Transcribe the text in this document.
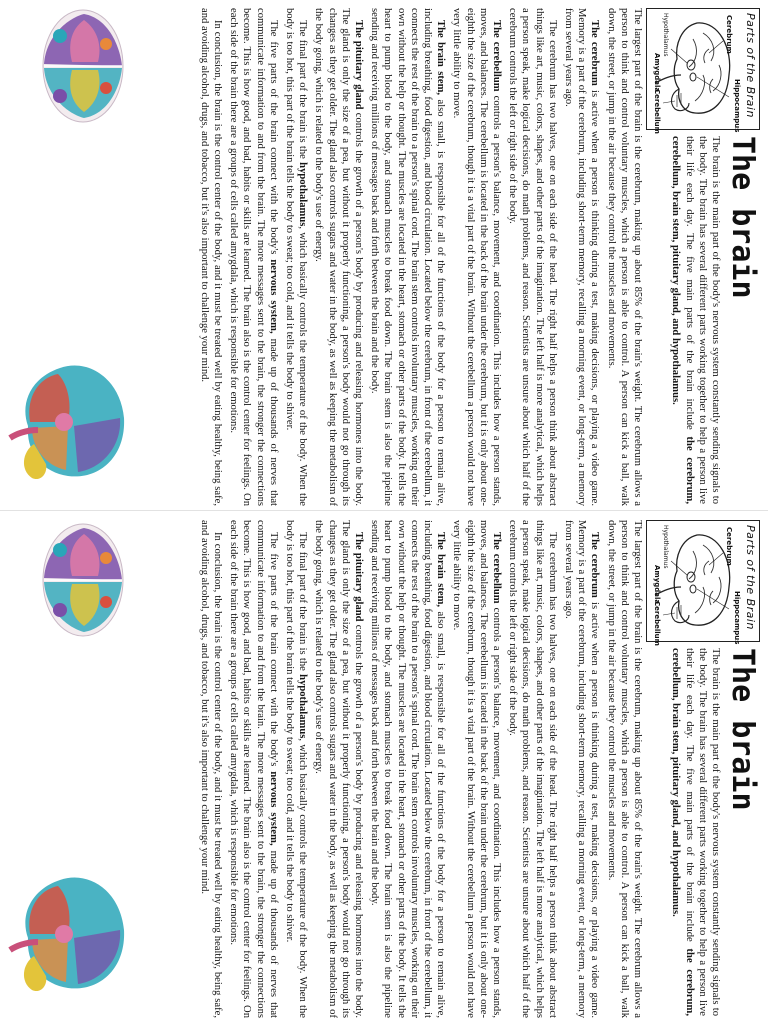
Parts of the Brain
Cerebrum
Hippocampus
Hypothalamus
Amygdala
Cerebellum
The brain

The brain is the main part of the body's nervous system constantly sending signals to the body. The brain has several different parts working together to help a person live their life each day. The five main parts of the brain include the cerebrum, cerebellum, brain stem, pituitary gland, and hypothalamus.

The largest part of the brain is the cerebrum, making up about 85% of the brain's weight. The cerebrum allows a person to think and control voluntary muscles, which a person is able to control. A person can kick a ball, walk down, the street, or jump in the air because they control the muscles and movements.

The cerebrum is active when a person is thinking during a test, making decisions, or playing a video game. Memory is a part of the cerebrum, including short-term memory, recalling a morning event, or long-term, a memory from several years ago.

The cerebrum has two halves, one on each side of the head. The right half helps a person think about abstract things like art, music, colors, shapes, and other parts of the imagination. The left half is more analytical, which helps a person speak, make logical decisions, do math problems, and reason. Scientists are unsure about which half of the cerebrum controls the left or right side of the body.

The cerebellum controls a person's balance, movement, and coordination. This includes how a person stands, moves, and balances. The cerebellum is located in the back of the brain under the cerebrum, but it is only about one-eighth the size of the cerebrum, though it is a vital part of the brain. Without the cerebellum a person would not have very little ability to move.

The brain stem, also small, is responsible for all of the functions of the body for a person to remain alive, including breathing, food digestion, and blood circulation. Located below the cerebrum, in front of the cerebellum, it connects the rest of the brain to a person's spinal cord. The brain stem controls involuntary muscles, working on their own without the help or thought. The muscles are located in the heart, stomach or other parts of the body. It tells the heart to pump blood to the body, and stomach muscles to break food down. The brain stem is also the pipeline sending and receiving millions of messages back and forth between the brain and the body.

The pituitary gland controls the growth of a person's body by producing and releasing hormones into the body. The gland is only the size of a pea, but without it properly functioning, a person's body would not go through its changes as they get older. The gland also controls sugars and water in the body, as well as keeping the metabolism of the body going, which is related to the body's use of energy.

The final part of the brain is the hypothalamus, which basically controls the temperature of the body. When the body is too hot, this part of the brain tells the body to sweat; too cold, and it tells the body to shiver.

The five parts of the brain connect with the body's nervous system, made up of thousands of nerves that communicate information to and from the brain. The more messages sent to the brain, the stronger the connections become. This is how good, and bad, habits or skills are learned. The brain also is the control center for feelings. On each side of the brain there are a groups of cells called amygdala, which is responsible for emotions.

In conclusion, the brain is the control center of the body, and it must be treated well by eating healthy, being safe, and avoiding alcohol, drugs, and tobacco, but it's also important to challenge your mind.

Parts of the Brain
Cerebrum
Hippocampus
Hypothalamus
Amygdala
Cerebellum
The brain

The brain is the main part of the body's nervous system constantly sending signals to the body. The brain has several different parts working together to help a person live their life each day. The five main parts of the brain include the cerebrum, cerebellum, brain stem, pituitary gland, and hypothalamus.

The largest part of the brain is the cerebrum, making up about 85% of the brain's weight. The cerebrum allows a person to think and control voluntary muscles, which a person is able to control. A person can kick a ball, walk down, the street, or jump in the air because they control the muscles and movements.

The cerebrum is active when a person is thinking during a test, making decisions, or playing a video game. Memory is a part of the cerebrum, including short-term memory, recalling a morning event, or long-term, a memory from several years ago.

The cerebrum has two halves, one on each side of the head. The right half helps a person think about abstract things like art, music, colors, shapes, and other parts of the imagination. The left half is more analytical, which helps a person speak, make logical decisions, do math problems, and reason. Scientists are unsure about which half of the cerebrum controls the left or right side of the body.

The cerebellum controls a person's balance, movement, and coordination. This includes how a person stands, moves, and balances. The cerebellum is located in the back of the brain under the cerebrum, but it is only about one-eighth the size of the cerebrum, though it is a vital part of the brain. Without the cerebellum a person would not have very little ability to move.

The brain stem, also small, is responsible for all of the functions of the body for a person to remain alive, including breathing, food digestion, and blood circulation. Located below the cerebrum, in front of the cerebellum, it connects the rest of the brain to a person's spinal cord. The brain stem controls involuntary muscles, working on their own without the help or thought. The muscles are located in the heart, stomach or other parts of the body. It tells the heart to pump blood to the body, and stomach muscles to break food down. The brain stem is also the pipeline sending and receiving millions of messages back and forth between the brain and the body.

The pituitary gland controls the growth of a person's body by producing and releasing hormones into the body. The gland is only the size of a pea, but without it properly functioning, a person's body would not go through its changes as they get older. The gland also controls sugars and water in the body, as well as keeping the metabolism of the body going, which is related to the body's use of energy.

The final part of the brain is the hypothalamus, which basically controls the temperature of the body. When the body is too hot, this part of the brain tells the body to sweat; too cold, and it tells the body to shiver.

The five parts of the brain connect with the body's nervous system, made up of thousands of nerves that communicate information to and from the brain. The more messages sent to the brain, the stronger the connections become. This is how good, and bad, habits or skills are learned. The brain also is the control center for feelings. On each side of the brain there are a groups of cells called amygdala, which is responsible for emotions.

In conclusion, the brain is the control center of the body, and it must be treated well by eating healthy, being safe, and avoiding alcohol, drugs, and tobacco, but it's also important to challenge your mind.
